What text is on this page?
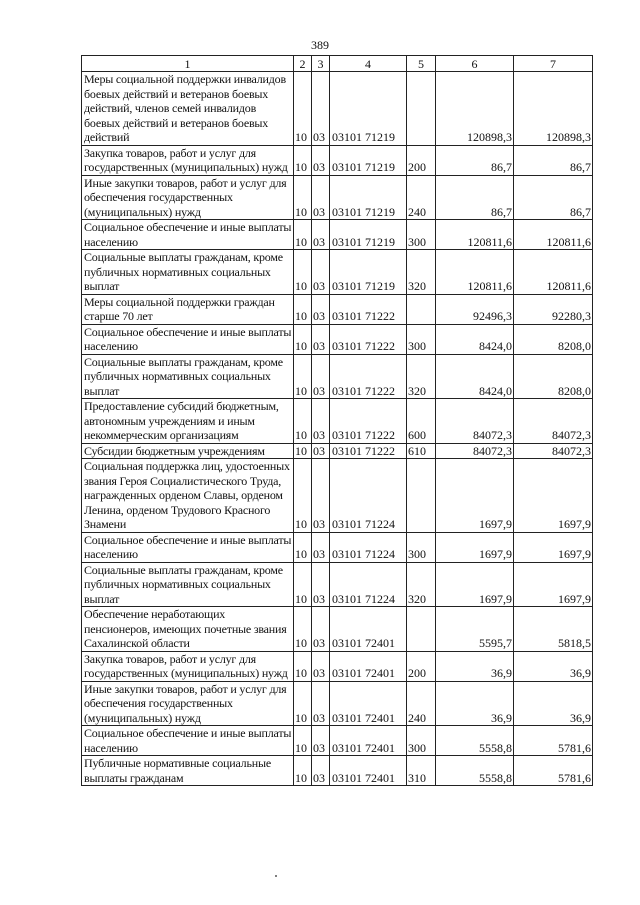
389
1	2	3	4	5	6	7
Меры социальной поддержки инвалидов боевых действий и ветеранов боевых действий, членов семей инвалидов боевых действий и ветеранов боевых действий	10	03	03101 71219		120898,3	120898,3
Закупка товаров, работ и услуг для государственных (муниципальных) нужд	10	03	03101 71219	200	86,7	86,7
Иные закупки товаров, работ и услуг для обеспечения государственных (муниципальных) нужд	10	03	03101 71219	240	86,7	86,7
Социальное обеспечение и иные выплаты населению	10	03	03101 71219	300	120811,6	120811,6
Социальные выплаты гражданам, кроме публичных нормативных социальных выплат	10	03	03101 71219	320	120811,6	120811,6
Меры социальной поддержки граждан старше 70 лет	10	03	03101 71222		92496,3	92280,3
Социальное обеспечение и иные выплаты населению	10	03	03101 71222	300	8424,0	8208,0
Социальные выплаты гражданам, кроме публичных нормативных социальных выплат	10	03	03101 71222	320	8424,0	8208,0
Предоставление субсидий бюджетным, автономным учреждениям и иным некоммерческим организациям	10	03	03101 71222	600	84072,3	84072,3
Субсидии бюджетным учреждениям	10	03	03101 71222	610	84072,3	84072,3
Социальная поддержка лиц, удостоенных звания Героя Социалистического Труда, награжденных орденом Славы, орденом Ленина, орденом Трудового Красного Знамени	10	03	03101 71224		1697,9	1697,9
Социальное обеспечение и иные выплаты населению	10	03	03101 71224	300	1697,9	1697,9
Социальные выплаты гражданам, кроме публичных нормативных социальных выплат	10	03	03101 71224	320	1697,9	1697,9
Обеспечение неработающих пенсионеров, имеющих почетные звания Сахалинской области	10	03	03101 72401		5595,7	5818,5
Закупка товаров, работ и услуг для государственных (муниципальных) нужд	10	03	03101 72401	200	36,9	36,9
Иные закупки товаров, работ и услуг для обеспечения государственных (муниципальных) нужд	10	03	03101 72401	240	36,9	36,9
Социальное обеспечение и иные выплаты населению	10	03	03101 72401	300	5558,8	5781,6
Публичные нормативные социальные выплаты гражданам	10	03	03101 72401	310	5558,8	5781,6
